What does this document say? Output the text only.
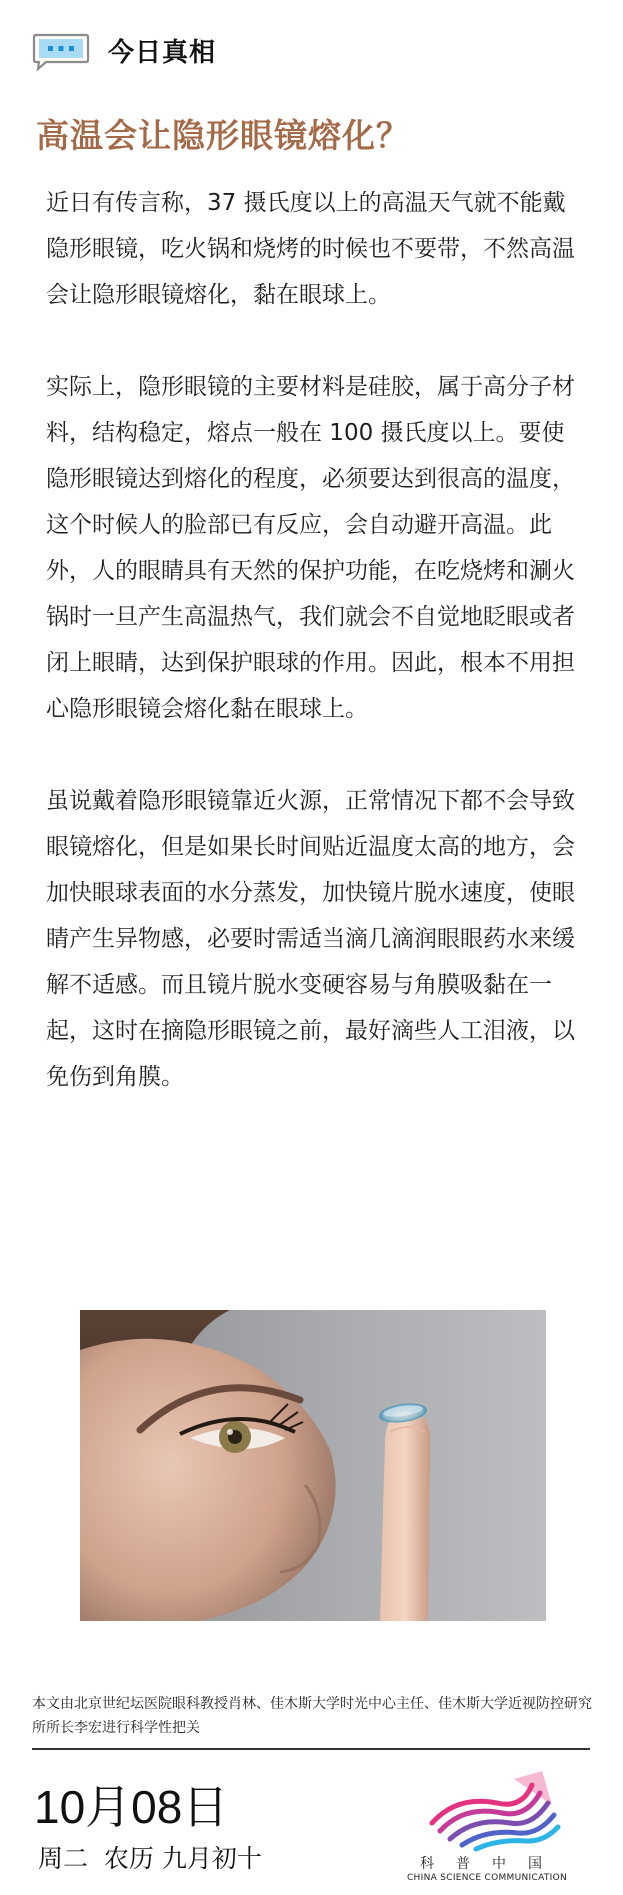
今日真相
高温会让隐形眼镜熔化？

近日有传言称，37 摄氏度以上的高温天气就不能戴隐形眼镜，吃火锅和烧烤的时候也不要带，不然高温会让隐形眼镜熔化，黏在眼球上。

实际上，隐形眼镜的主要材料是硅胶，属于高分子材料，结构稳定，熔点一般在 100 摄氏度以上。要使隐形眼镜达到熔化的程度，必须要达到很高的温度，这个时候人的脸部已有反应，会自动避开高温。此外，人的眼睛具有天然的保护功能，在吃烧烤和涮火锅时一旦产生高温热气，我们就会不自觉地眨眼或者闭上眼睛，达到保护眼球的作用。因此，根本不用担心隐形眼镜会熔化黏在眼球上。

虽说戴着隐形眼镜靠近火源，正常情况下都不会导致眼镜熔化，但是如果长时间贴近温度太高的地方，会加快眼球表面的水分蒸发，加快镜片脱水速度，使眼睛产生异物感，必要时需适当滴几滴润眼眼药水来缓解不适感。而且镜片脱水变硬容易与角膜吸黏在一起，这时在摘隐形眼镜之前，最好滴些人工泪液，以免伤到角膜。

本文由北京世纪坛医院眼科教授肖林、佳木斯大学时光中心主任、佳木斯大学近视防控研究所所长李宏进行科学性把关
10月08日
周二  农历 九月初十	科普中国
CHINA SCIENCE COMMUNICATION
